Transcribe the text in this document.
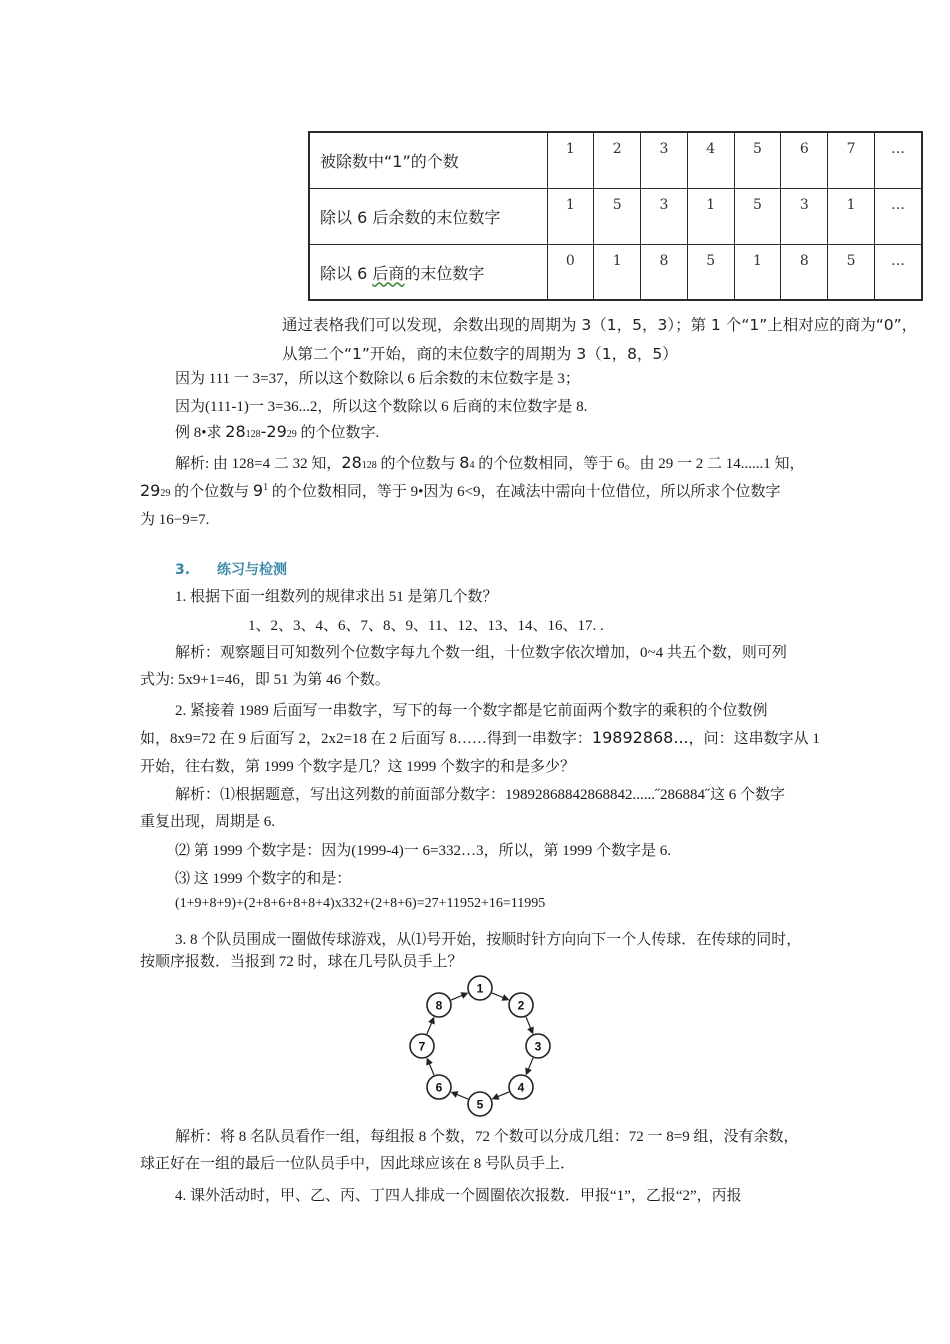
被除数中“1”的个数	1	2	3	4	5	6	7	…
除以 6 后余数的末位数字	1	5	3	1	5	3	1	…
除以 6 后商的末位数字	0	1	8	5	1	8	5	…
通过表格我们可以发现，余数出现的周期为 3（1，5，3）；第 1 个“1”上相对应的商为“0”，
从第二个“1”开始，商的末位数字的周期为 3（1，8，5）
因为 111 一 3=37，所以这个数除以 6 后余数的末位数字是 3；
因为(111-1)一 3=36...2，所以这个数除以 6 后商的末位数字是 8.
例 8•求 28128-2929 的个位数字.
解析: 由 128=4 二 32 知，28128 的个位数与 84 的个位数相同，等于 6。由 29 一 2 二 14......1 知，
2929 的个位数与 $9^1$ 的个位数相同，等于 9•因为 6<9，在减法中需向十位借位，所以所求个位数字
为 16−9=7.
3. 练习与检测
1. 根据下面一组数列的规律求出 51 是第几个数？
1、2、3、4、6、7、8、9、11、12、13、14、16、17. .
解析：观察题目可知数列个位数字每九个数一组，十位数字依次增加，0~4 共五个数，则可列
式为: 5x9+1=46，即 51 为第 46 个数。
2. 紧接着 1989 后面写一串数字，写下的每一个数字都是它前面两个数字的乘积的个位数例
如，8x9=72 在 9 后面写 2，2x2=18 在 2 后面写 8……得到一串数字：19892868...，问：这串数字从 1
开始，往右数，第 1999 个数字是几？这 1999 个数字的和是多少？
解析：⑴根据题意，写出这列数的前面部分数字：19892868842868842......˝286884˝这 6 个数字
重复出现，周期是 6.
⑵ 第 1999 个数字是：因为(1999-4)一 6=332…3，所以，第 1999 个数字是 6.
⑶ 这 1999 个数字的和是：
(1+9+8+9)+(2+8+6+8+8+4)x332+(2+8+6)=27+11952+16=11995
3. 8 个队员围成一圈做传球游戏，从⑴号开始，按顺时针方向向下一个人传球．在传球的同时，
按顺序报数．当报到 72 时，球在几号队员手上？
1
2
3
4
5
6
7
8
解析：将 8 名队员看作一组，每组报 8 个数，72 个数可以分成几组：72 一 8=9 组，没有余数，
球正好在一组的最后一位队员手中，因此球应该在 8 号队员手上．
4. 课外活动时，甲、乙、丙、丁四人排成一个圆圈依次报数．甲报“1”，乙报“2”，丙报
